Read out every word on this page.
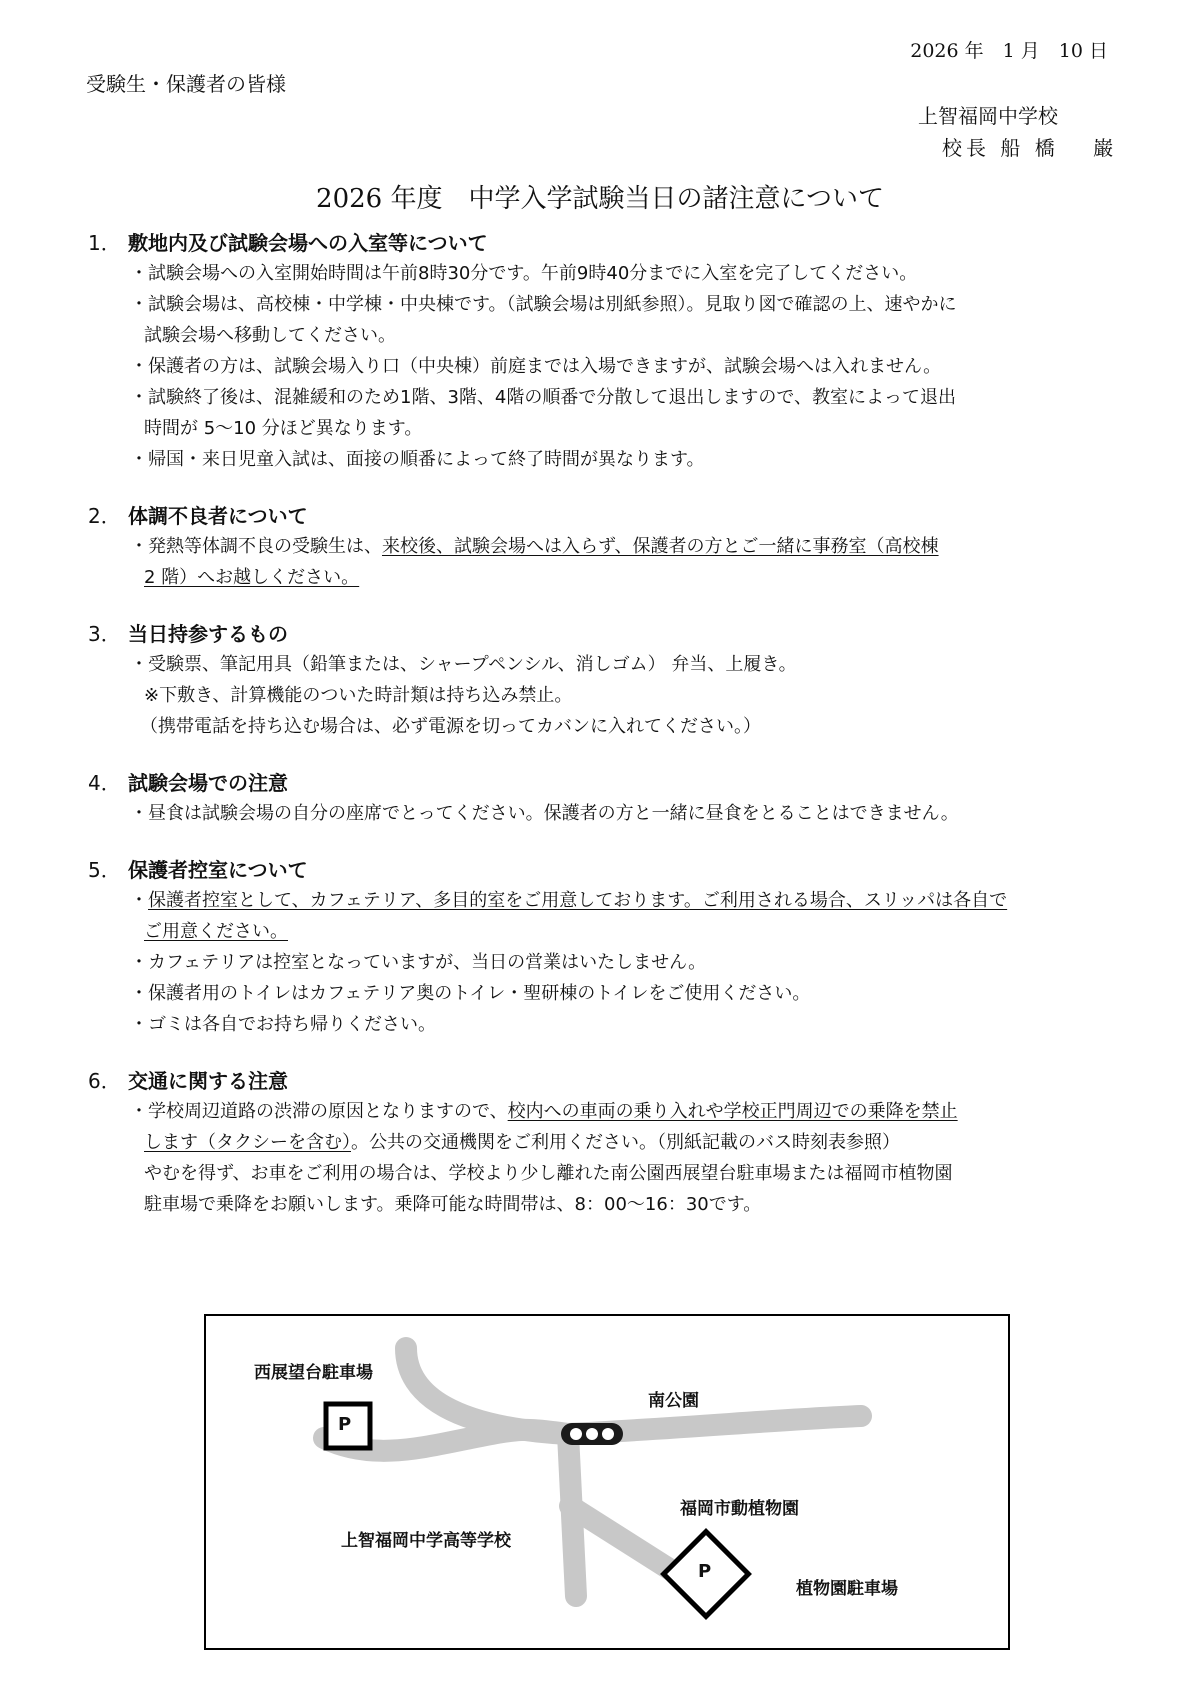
2026 年　1 月　10 日
受験生・保護者の皆様
上智福岡中学校
校長 船 橋　 巌
2026 年度　中学入学試験当日の諸注意について
1． 敷地内及び試験会場への入室等について
・試験会場への入室開始時間は午前8時30分です。午前9時40分までに入室を完了してください。
・試験会場は、高校棟・中学棟・中央棟です。（試験会場は別紙参照）。見取り図で確認の上、速やかに
試験会場へ移動してください。
・保護者の方は、試験会場入り口（中央棟）前庭までは入場できますが、試験会場へは入れません。
・試験終了後は、混雑緩和のため1階、3階、4階の順番で分散して退出しますので、教室によって退出
時間が 5～10 分ほど異なります。
・帰国・来日児童入試は、面接の順番によって終了時間が異なります。
2． 体調不良者について
・発熱等体調不良の受験生は、来校後、試験会場へは入らず、保護者の方とご一緒に事務室（高校棟
2 階）へお越しください。
3． 当日持参するもの
・受験票、筆記用具（鉛筆または、シャープペンシル、消しゴム） 弁当、上履き。
※下敷き、計算機能のついた時計類は持ち込み禁止。
（携帯電話を持ち込む場合は、必ず電源を切ってカバンに入れてください。）
4． 試験会場での注意
・昼食は試験会場の自分の座席でとってください。保護者の方と一緒に昼食をとることはできません。
5． 保護者控室について
・保護者控室として、カフェテリア、多目的室をご用意しております。ご利用される場合、スリッパは各自で
ご用意ください。
・カフェテリアは控室となっていますが、当日の営業はいたしません。
・保護者用のトイレはカフェテリア奥のトイレ・聖研棟のトイレをご使用ください。
・ゴミは各自でお持ち帰りください。
6． 交通に関する注意
・学校周辺道路の渋滞の原因となりますので、校内への車両の乗り入れや学校正門周辺での乗降を禁止
します（タクシーを含む）。公共の交通機関をご利用ください。（別紙記載のバス時刻表参照）
やむを得ず、お車をご利用の場合は、学校より少し離れた南公園西展望台駐車場または福岡市植物園
駐車場で乗降をお願いします。乗降可能な時間帯は、8：00～16：30です。
P
P
西展望台駐車場
南公園
福岡市動植物園
上智福岡中学高等学校
植物園駐車場
